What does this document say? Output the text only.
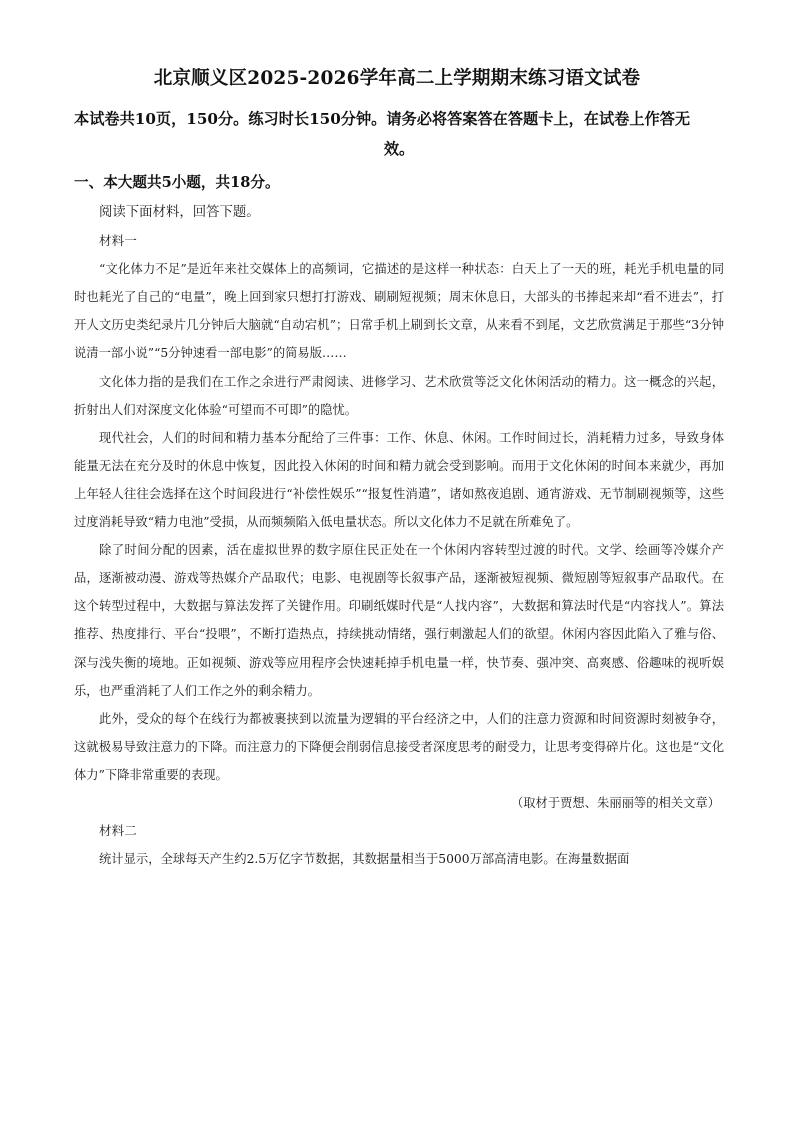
北京顺义区2025-2026学年高二上学期期末练习语文试卷
本试卷共10页，150分。练习时长150分钟。请务必将答案答在答题卡上，在试卷上作答无
效。
一、本大题共5小题，共18分。

阅读下面材料，回答下题。

材料一

“文化体力不足”是近年来社交媒体上的高频词，它描述的是这样一种状态：白天上了一天的班，耗光手机电量的同时也耗光了自己的“电量”，晚上回到家只想打打游戏、刷刷短视频；周末休息日，大部头的书捧起来却“看不进去”，打开人文历史类纪录片几分钟后大脑就“自动宕机”；日常手机上刷到长文章，从来看不到尾，文艺欣赏满足于那些“3分钟说清一部小说”“5分钟速看一部电影”的简易版……

文化体力指的是我们在工作之余进行严肃阅读、进修学习、艺术欣赏等泛文化休闲活动的精力。这一概念的兴起，折射出人们对深度文化体验“可望而不可即”的隐忧。

现代社会，人们的时间和精力基本分配给了三件事：工作、休息、休闲。工作时间过长，消耗精力过多，导致身体能量无法在充分及时的休息中恢复，因此投入休闲的时间和精力就会受到影响。而用于文化休闲的时间本来就少，再加上年轻人往往会选择在这个时间段进行“补偿性娱乐”“报复性消遣”，诸如熬夜追剧、通宵游戏、无节制刷视频等，这些过度消耗导致“精力电池”受损，从而频频陷入低电量状态。所以文化体力不足就在所难免了。

除了时间分配的因素，活在虚拟世界的数字原住民正处在一个休闲内容转型过渡的时代。文学、绘画等冷媒介产品，逐渐被动漫、游戏等热媒介产品取代；电影、电视剧等长叙事产品，逐渐被短视频、微短剧等短叙事产品取代。在这个转型过程中，大数据与算法发挥了关键作用。印刷纸媒时代是“人找内容”，大数据和算法时代是“内容找人”。算法推荐、热度排行、平台“投喂”，不断打造热点，持续挑动情绪，强行刺激起人们的欲望。休闲内容因此陷入了雅与俗、深与浅失衡的境地。正如视频、游戏等应用程序会快速耗掉手机电量一样，快节奏、强冲突、高爽感、俗趣味的视听娱乐，也严重消耗了人们工作之外的剩余精力。

此外，受众的每个在线行为都被裹挟到以流量为逻辑的平台经济之中，人们的注意力资源和时间资源时刻被争夺，这就极易导致注意力的下降。而注意力的下降便会削弱信息接受者深度思考的耐受力，让思考变得碎片化。这也是“文化体力”下降非常重要的表现。

（取材于贾想、朱丽丽等的相关文章）

材料二

统计显示，全球每天产生约2.5万亿字节数据，其数据量相当于5000万部高清电影。在海量数据面
